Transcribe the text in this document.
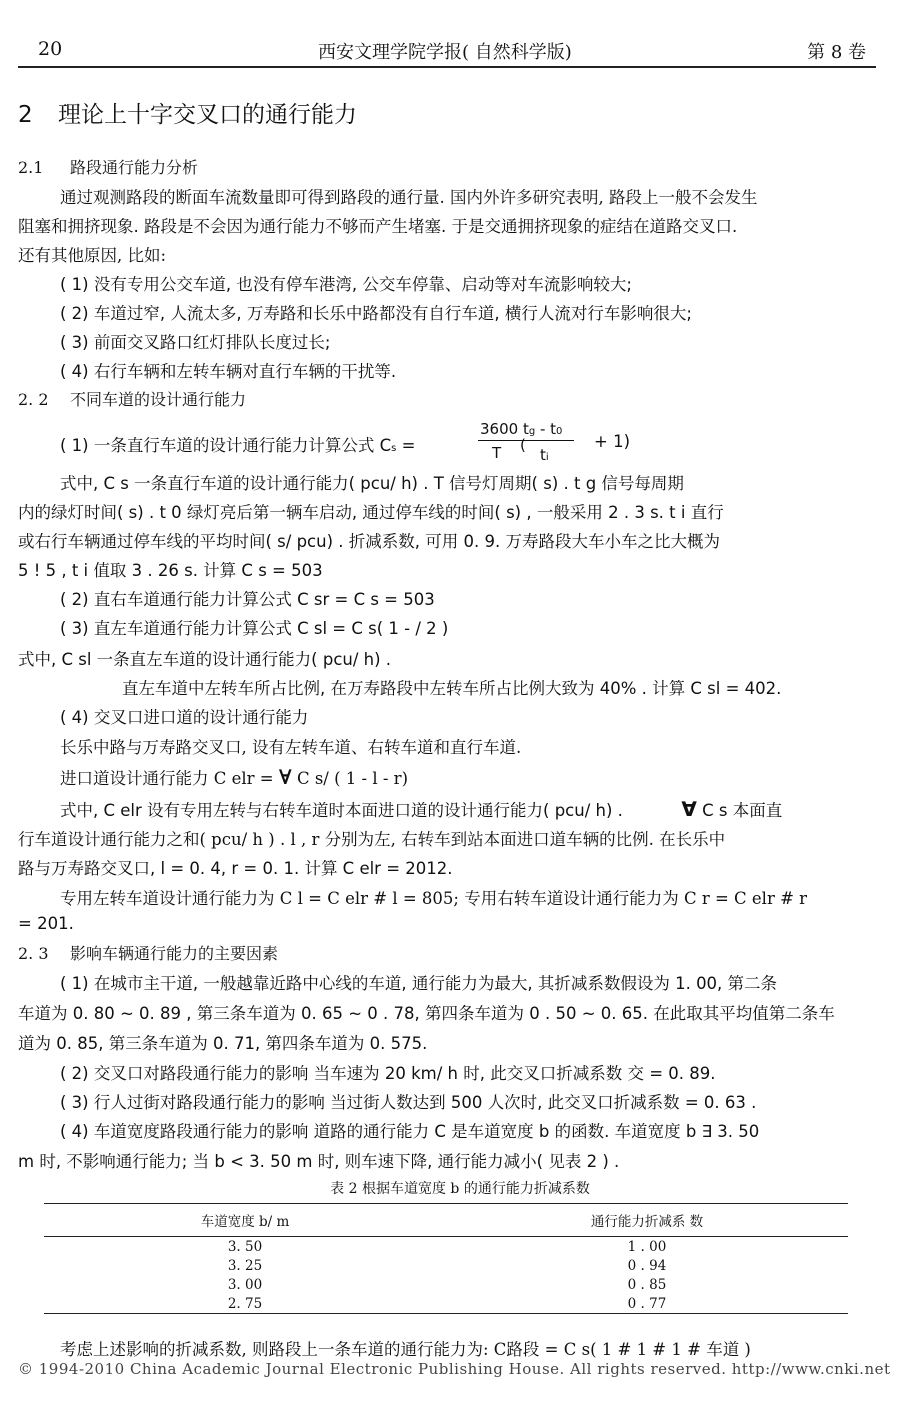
20	西安文理学院学报( 自然科学版)	第 8 卷
2 理论上十字交叉口的通行能力
2.1 路段通行能力分析
通过观测路段的断面车流数量即可得到路段的通行量. 国内外许多研究表明, 路段上一般不会发生
阻塞和拥挤现象. 路段是不会因为通行能力不够而产生堵塞. 于是交通拥挤现象的症结在道路交叉口.
还有其他原因, 比如:
( 1) 没有专用公交车道, 也没有停车港湾, 公交车停靠、启动等对车流影响较大;
( 2) 车道过窄, 人流太多, 万寿路和长乐中路都没有自行车道, 横行人流对行车影响很大;
( 3) 前面交叉路口红灯排队长度过长;
( 4) 右行车辆和左转车辆对直行车辆的干扰等.
2. 2 不同车道的设计通行能力
( 1) 一条直行车道的设计通行能力计算公式 Cs =
3600 tg - t0
T (
ti
+ 1)
式中, C s 一条直行车道的设计通行能力( pcu/ h) . T 信号灯周期( s) . t g 信号每周期
内的绿灯时间( s) . t 0 绿灯亮后第一辆车启动, 通过停车线的时间( s) , 一般采用 2 . 3 s. t i 直行
或右行车辆通过停车线的平均时间( s/ pcu) . 折减系数, 可用 0. 9. 万寿路段大车小车之比大概为
5 ! 5 , t i 值取 3 . 26 s. 计算 C s = 503
( 2) 直右车道通行能力计算公式 C sr = C s = 503
( 3) 直左车道通行能力计算公式 C sl = C s( 1 - / 2 )
式中, C sl 一条直左车道的设计通行能力( pcu/ h) .
直左车道中左转车所占比例, 在万寿路段中左转车所占比例大致为 40% . 计算 C sl = 402.
( 4) 交叉口进口道的设计通行能力
长乐中路与万寿路交叉口, 设有左转车道、右转车道和直行车道.
进口道设计通行能力 C elr = ∀ C s/ ( 1 - l - r)
式中, C elr 设有专用左转与右转车道时本面进口道的设计通行能力( pcu/ h) .	∀ C s 本面直
行车道设计通行能力之和( pcu/ h ) . l , r 分别为左, 右转车到站本面进口道车辆的比例. 在长乐中
路与万寿路交叉口, l = 0. 4, r = 0. 1. 计算 C elr = 2012.
专用左转车道设计通行能力为 C l = C elr # l = 805; 专用右转车道设计通行能力为 C r = C elr # r
= 201.
2. 3 影响车辆通行能力的主要因素
( 1) 在城市主干道, 一般越靠近路中心线的车道, 通行能力为最大, 其折减系数假设为 1. 00, 第二条
车道为 0. 80 ~ 0. 89 , 第三条车道为 0. 65 ~ 0 . 78, 第四条车道为 0 . 50 ~ 0. 65. 在此取其平均值第二条车
道为 0. 85, 第三条车道为 0. 71, 第四条车道为 0. 575.
( 2) 交叉口对路段通行能力的影响 当车速为 20 km/ h 时, 此交叉口折减系数 交 = 0. 89.
( 3) 行人过街对路段通行能力的影响 当过街人数达到 500 人次时, 此交叉口折减系数 = 0. 63 .
( 4) 车道宽度路段通行能力的影响 道路的通行能力 C 是车道宽度 b 的函数. 车道宽度 b ∃ 3. 50
m 时, 不影响通行能力; 当 b < 3. 50 m 时, 则车速下降, 通行能力减小( 见表 2 ) .
表 2 根据车道宽度 b 的通行能力折减系数
车道宽度 b/ m	通行能力折减系 数
3. 50	1 . 00
3. 25	0 . 94
3. 00	0 . 85
2. 75	0 . 77
考虑上述影响的折减系数, 则路段上一条车道的通行能力为: C路段 = C s( 1 # 1 # 1 # 车道 )
© 1994-2010 China Academic Journal Electronic Publishing House. All rights reserved. http://www.cnki.net
